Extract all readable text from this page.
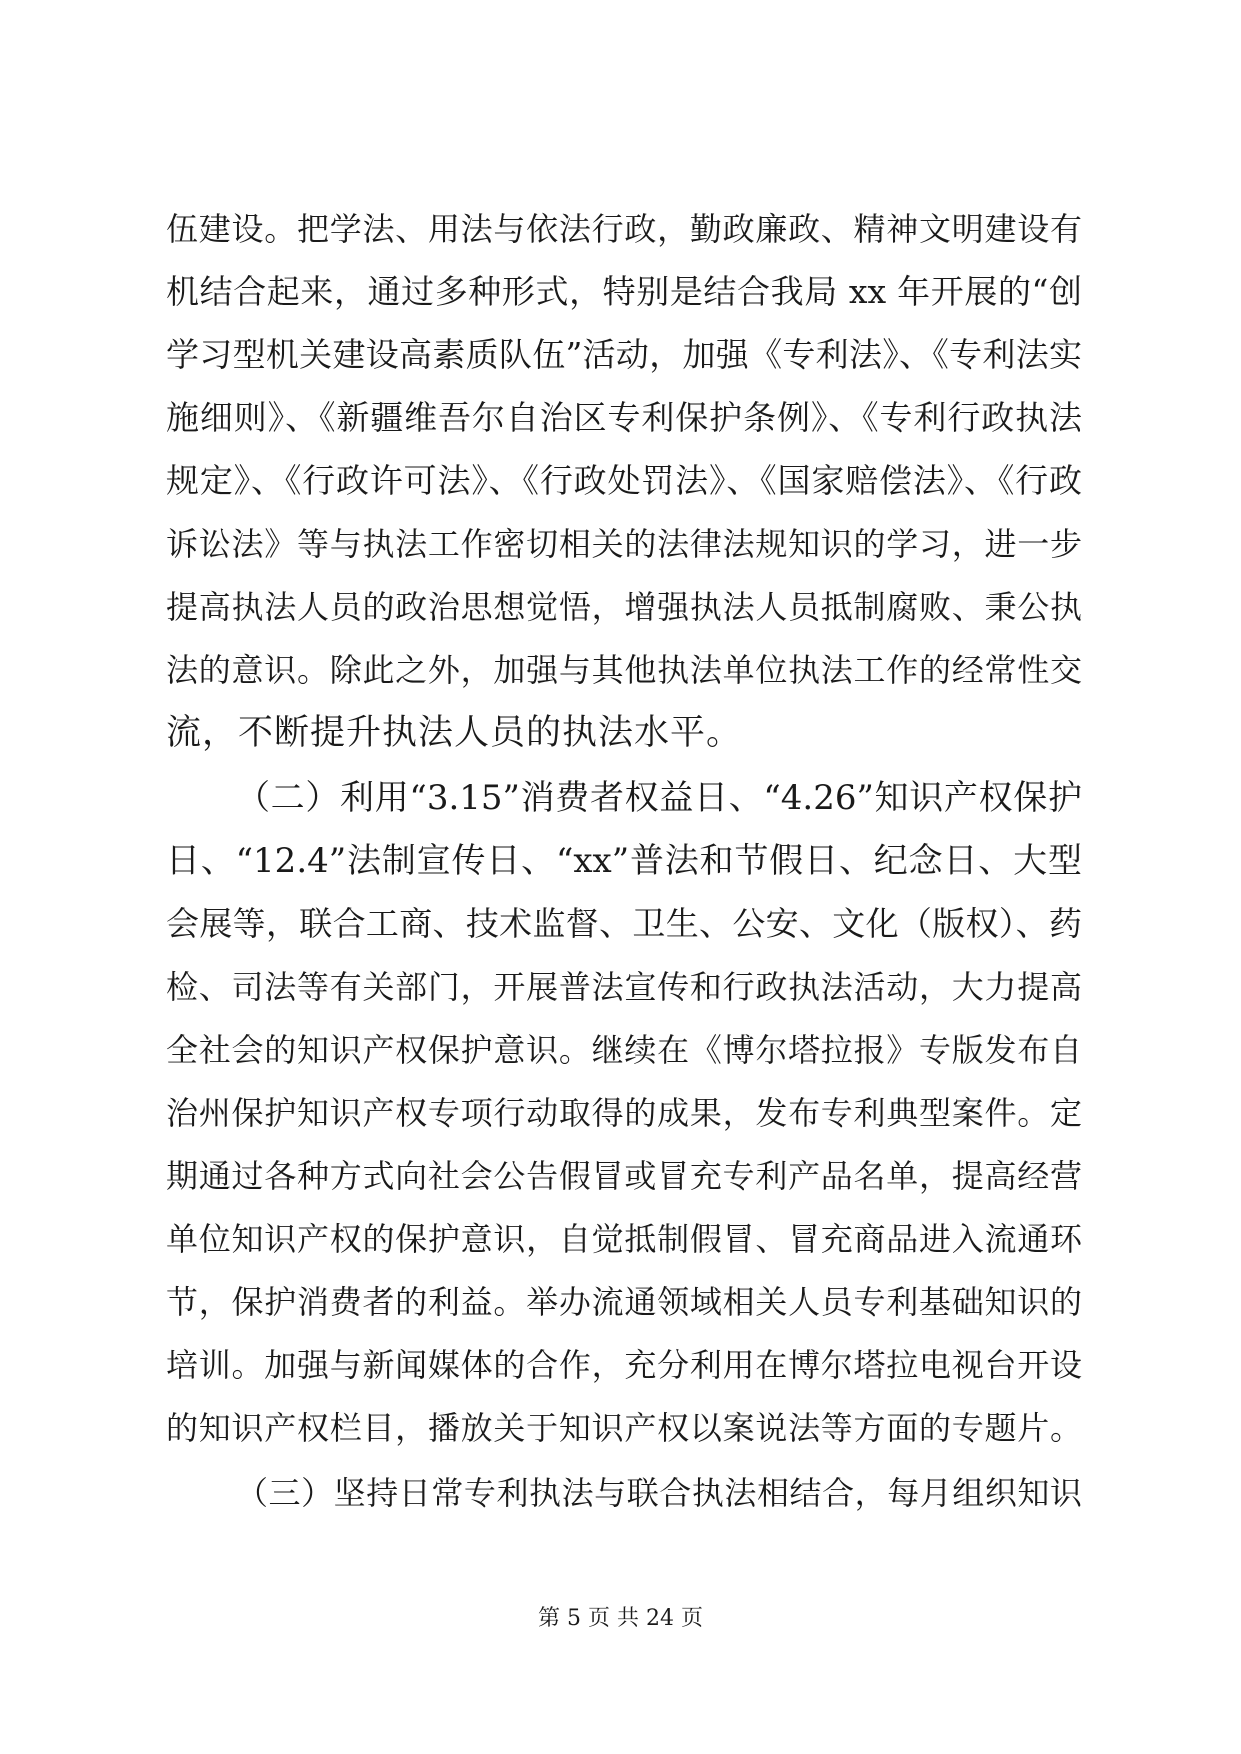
伍建设。把学法、用法与依法行政，勤政廉政、精神文明建设有
机结合起来，通过多种形式，特别是结合我局 xx 年开展的“创
学习型机关建设高素质队伍”活动，加强《专利法》、《专利法实
施细则》、《新疆维吾尔自治区专利保护条例》、《专利行政执法
规定》、《行政许可法》、《行政处罚法》、《国家赔偿法》、《行政
诉讼法》等与执法工作密切相关的法律法规知识的学习，进一步
提高执法人员的政治思想觉悟，增强执法人员抵制腐败、秉公执
法的意识。除此之外，加强与其他执法单位执法工作的经常性交
流，不断提升执法人员的执法水平。
（二）利用“3.15”消费者权益日、“4.26”知识产权保护
日、“12.4”法制宣传日、“xx”普法和节假日、纪念日、大型
会展等，联合工商、技术监督、卫生、公安、文化（版权）、药
检、司法等有关部门，开展普法宣传和行政执法活动，大力提高
全社会的知识产权保护意识。继续在《博尔塔拉报》专版发布自
治州保护知识产权专项行动取得的成果，发布专利典型案件。定
期通过各种方式向社会公告假冒或冒充专利产品名单，提高经营
单位知识产权的保护意识，自觉抵制假冒、冒充商品进入流通环
节，保护消费者的利益。举办流通领域相关人员专利基础知识的
培训。加强与新闻媒体的合作，充分利用在博尔塔拉电视台开设
的知识产权栏目，播放关于知识产权以案说法等方面的专题片。
（三）坚持日常专利执法与联合执法相结合，每月组织知识
第 5 页 共 24 页
